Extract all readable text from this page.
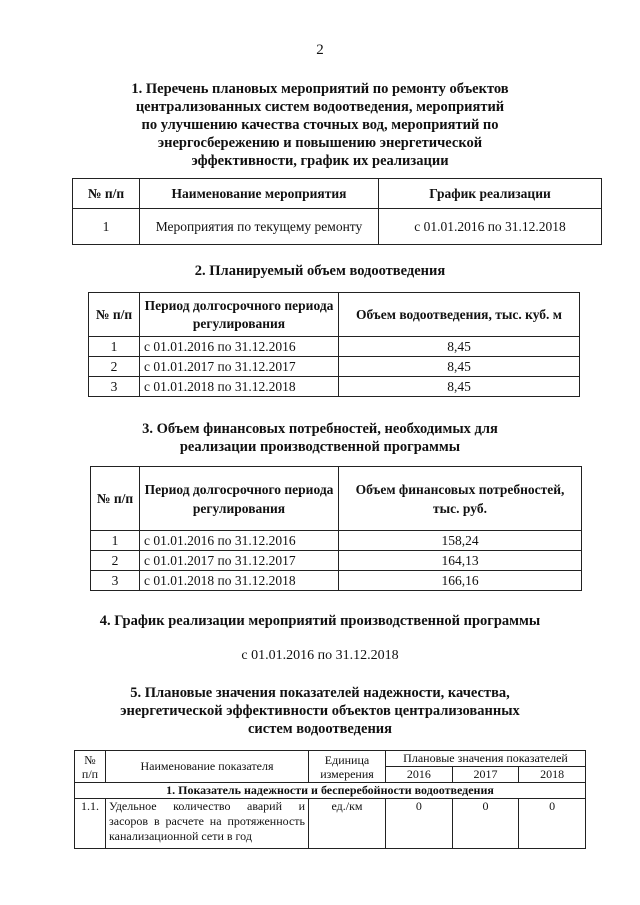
2
1. Перечень плановых мероприятий по ремонту объектов
централизованных систем водоотведения, мероприятий
по улучшению качества сточных вод, мероприятий по
энергосбережению и повышению энергетической
эффективности, график их реализации
№ п/п	Наименование мероприятия	График реализации
1	Мероприятия по текущему ремонту	с 01.01.2016 по 31.12.2018
2. Планируемый объем водоотведения
№ п/п	Период долгосрочного периода регулирования	Объем водоотведения, тыс. куб. м
1	с 01.01.2016 по 31.12.2016	8,45
2	с 01.01.2017 по 31.12.2017	8,45
3	с 01.01.2018 по 31.12.2018	8,45
3. Объем финансовых потребностей, необходимых для
реализации производственной программы
№ п/п	Период долгосрочного периода регулирования	Объем финансовых потребностей, тыс. руб.
1	с 01.01.2016 по 31.12.2016	158,24
2	с 01.01.2017 по 31.12.2017	164,13
3	с 01.01.2018 по 31.12.2018	166,16
4. График реализации мероприятий производственной программы
с 01.01.2016 по 31.12.2018
5. Плановые значения показателей надежности, качества,
энергетической эффективности объектов централизованных
систем водоотведения
№ п/п	Наименование показателя	Единица измерения	Плановые значения показателей		
			2016	2017	2018
1. Показатель надежности и бесперебойности водоотведения					
1.1.	Удельное количество аварий и засоров в расчете на протяженность канализационной сети в год	ед./км	0	0	0
